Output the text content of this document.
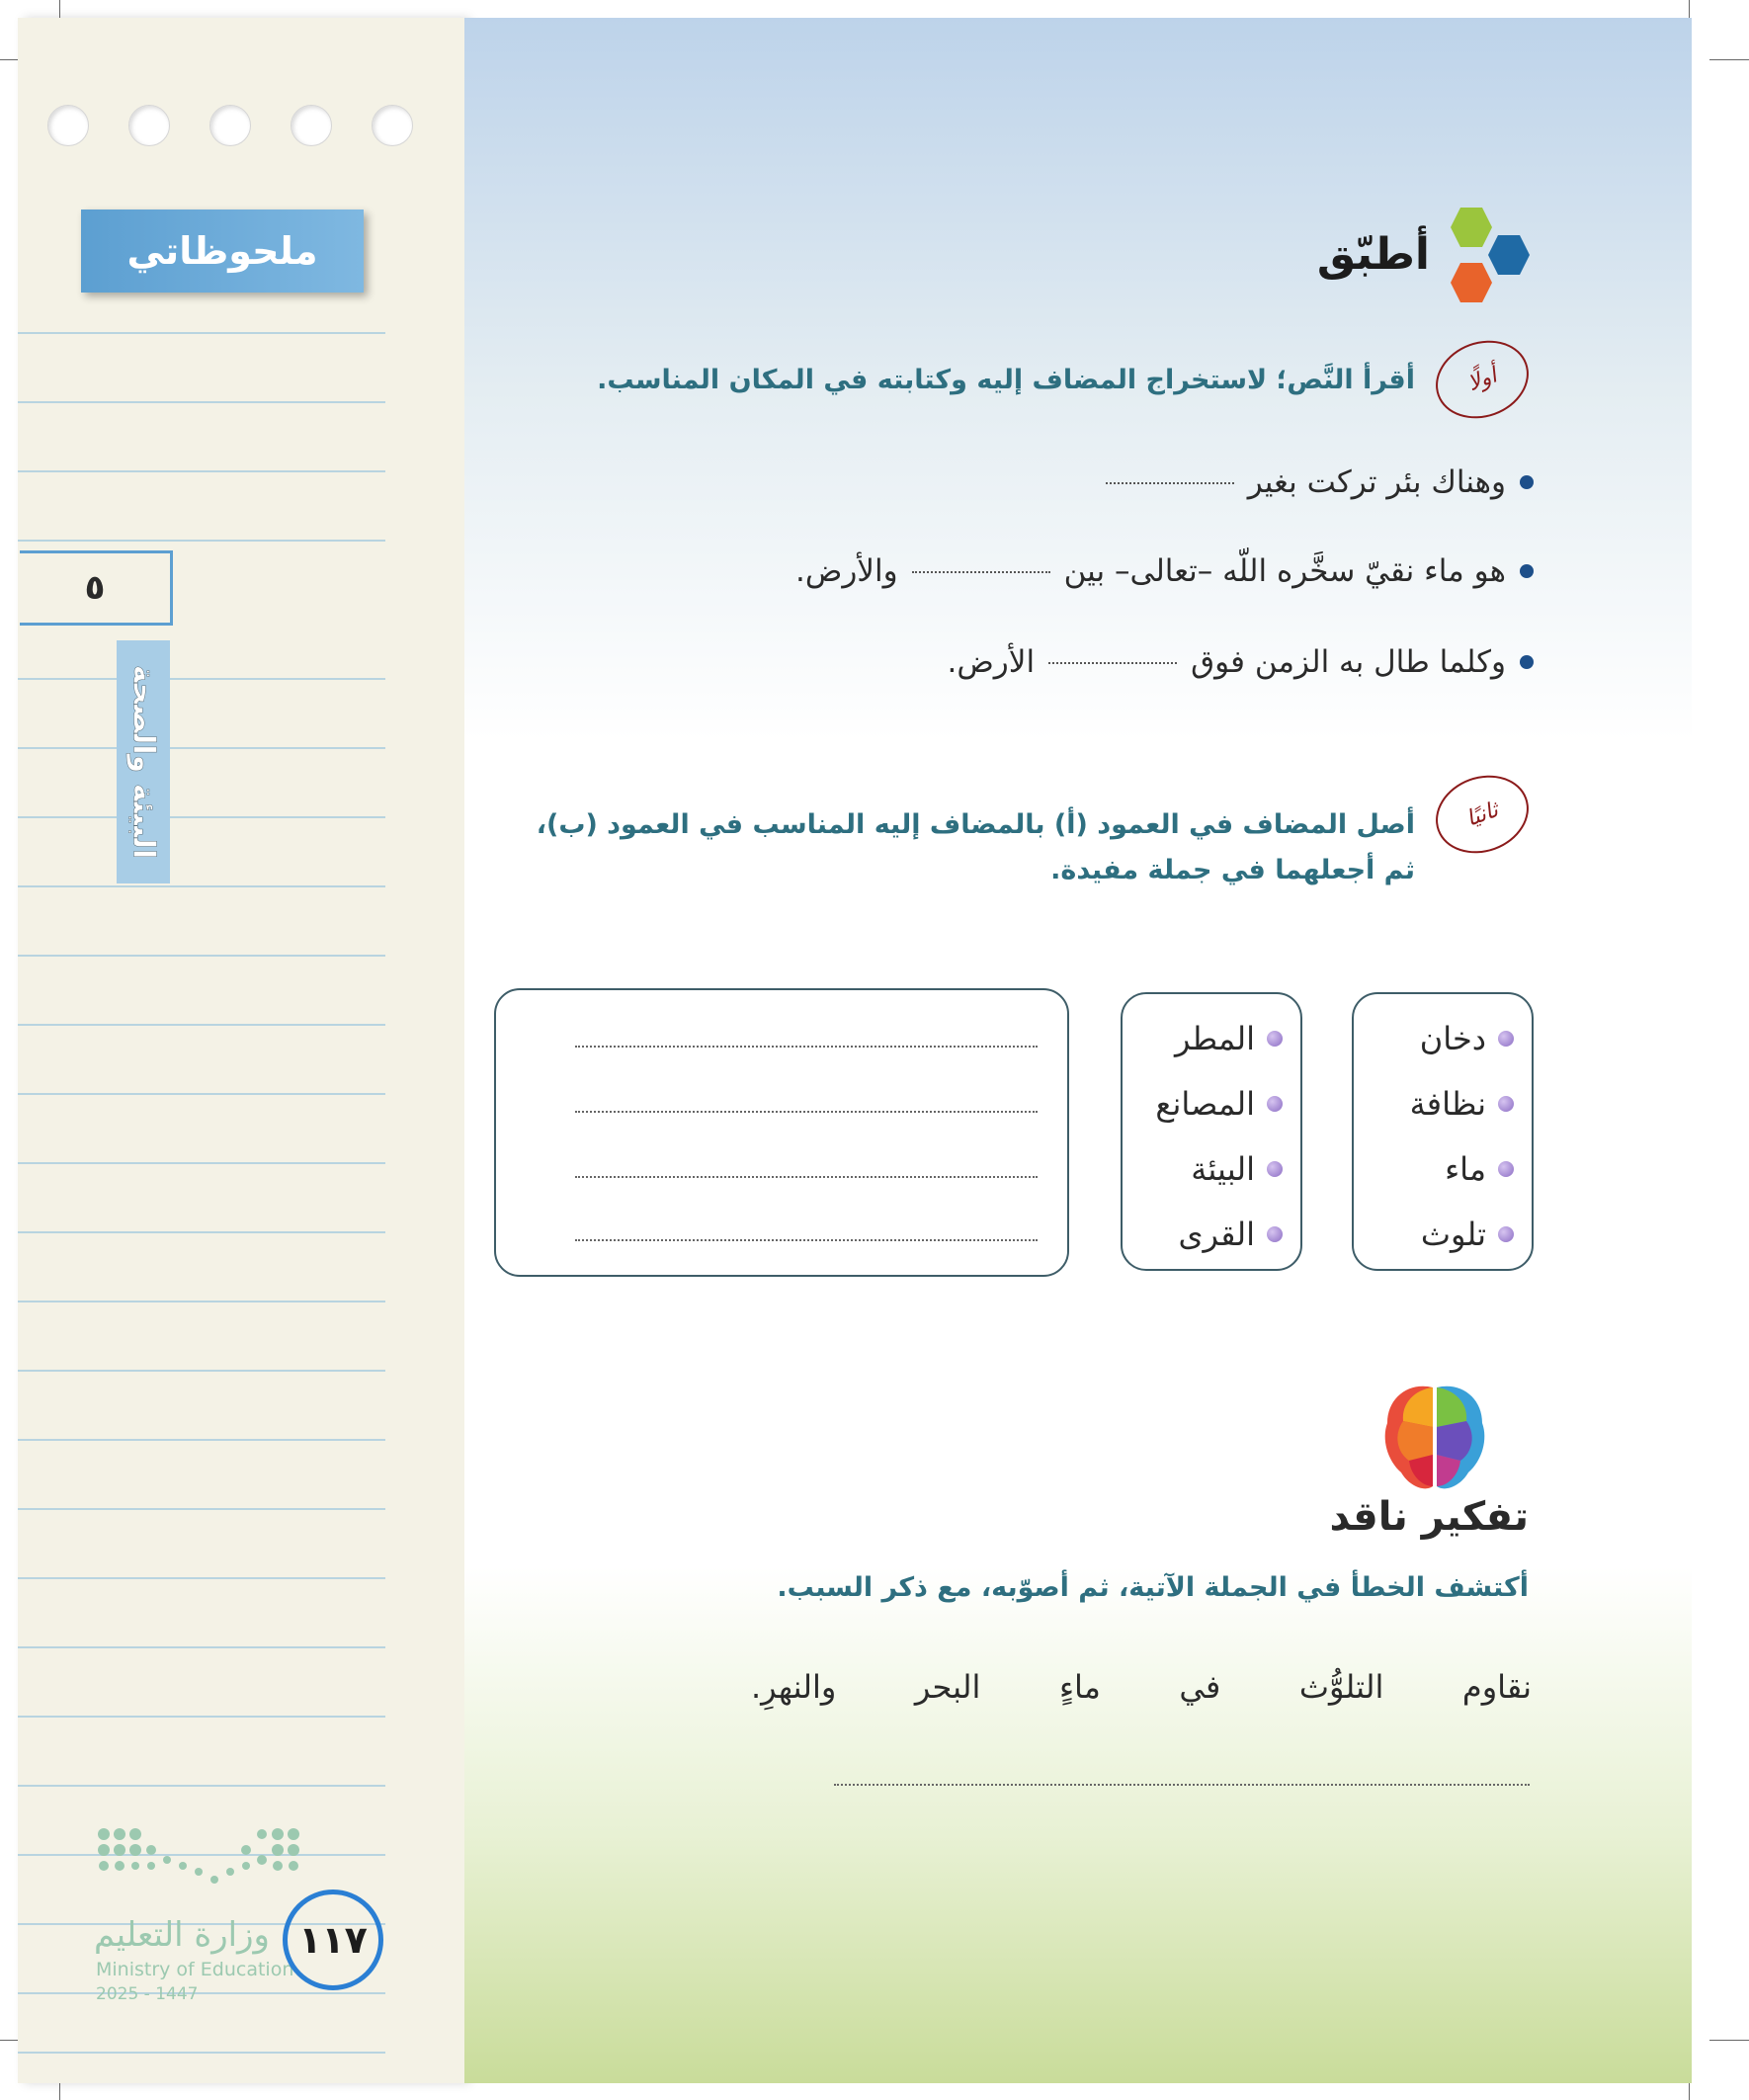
ملحوظاتي
٥
البيئة والصحة
وزارة التعليم
Ministry of Education
2025 - 1447
١١٧
أطبّق
أولًا
أقرأ النَّص؛ لاستخراج المضاف إليه وكتابته في المكان المناسب.
وهناك بئر تركت بغير
هو ماء نقيّ سخَّره اللّه –تعالى– بين
والأرض.
وكلما طال به الزمن فوق
الأرض.
ثانيًا
أصل المضاف في العمود (أ) بالمضاف إليه المناسب في العمود (ب)،
ثم أجعلهما في جملة مفيدة.
دخان
نظافة
ماء
تلوث
المطر
المصانع
البيئة
القرى
تفكير ناقد
أكتشف الخطأ في الجملة الآتية، ثم أصوّبه، مع ذكر السبب.
نقاوم
التلوُّث
في
ماءٍ
البحر
والنهرِ.
